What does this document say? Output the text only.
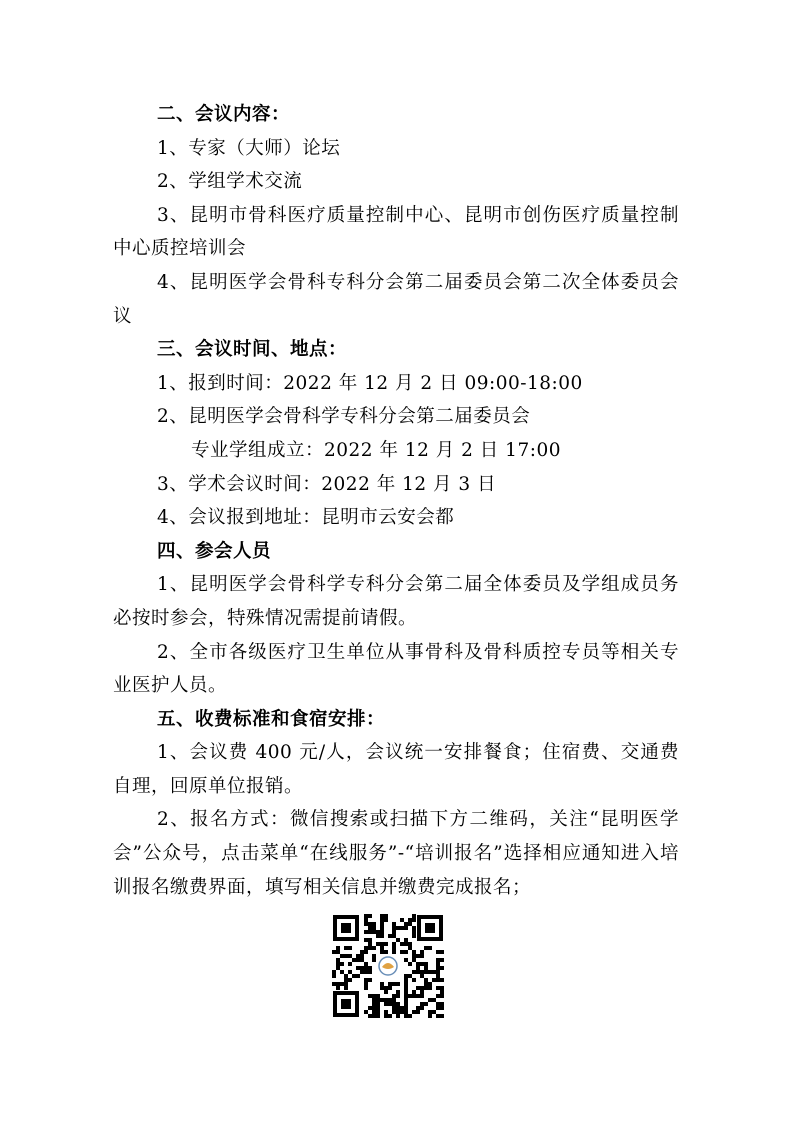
二、会议内容：
1、专家（大师）论坛
2、学组学术交流
3、昆明市骨科医疗质量控制中心、昆明市创伤医疗质量控制中心质控培训会
4、昆明医学会骨科专科分会第二届委员会第二次全体委员会议
三、会议时间、地点：
1、报到时间：2022 年 12 月 2 日 09:00-18:00
2、昆明医学会骨科学专科分会第二届委员会
专业学组成立：2022 年 12 月 2 日 17:00
3、学术会议时间：2022 年 12 月 3 日
4、会议报到地址：昆明市云安会都
四、参会人员
1、昆明医学会骨科学专科分会第二届全体委员及学组成员务必按时参会，特殊情况需提前请假。
2、全市各级医疗卫生单位从事骨科及骨科质控专员等相关专业医护人员。
五、收费标准和食宿安排：
1、会议费 400 元/人，会议统一安排餐食；住宿费、交通费自理，回原单位报销。
2、报名方式：微信搜索或扫描下方二维码，关注“昆明医学会”公众号，点击菜单“在线服务”-“培训报名”选择相应通知进入培训报名缴费界面，填写相关信息并缴费完成报名；
